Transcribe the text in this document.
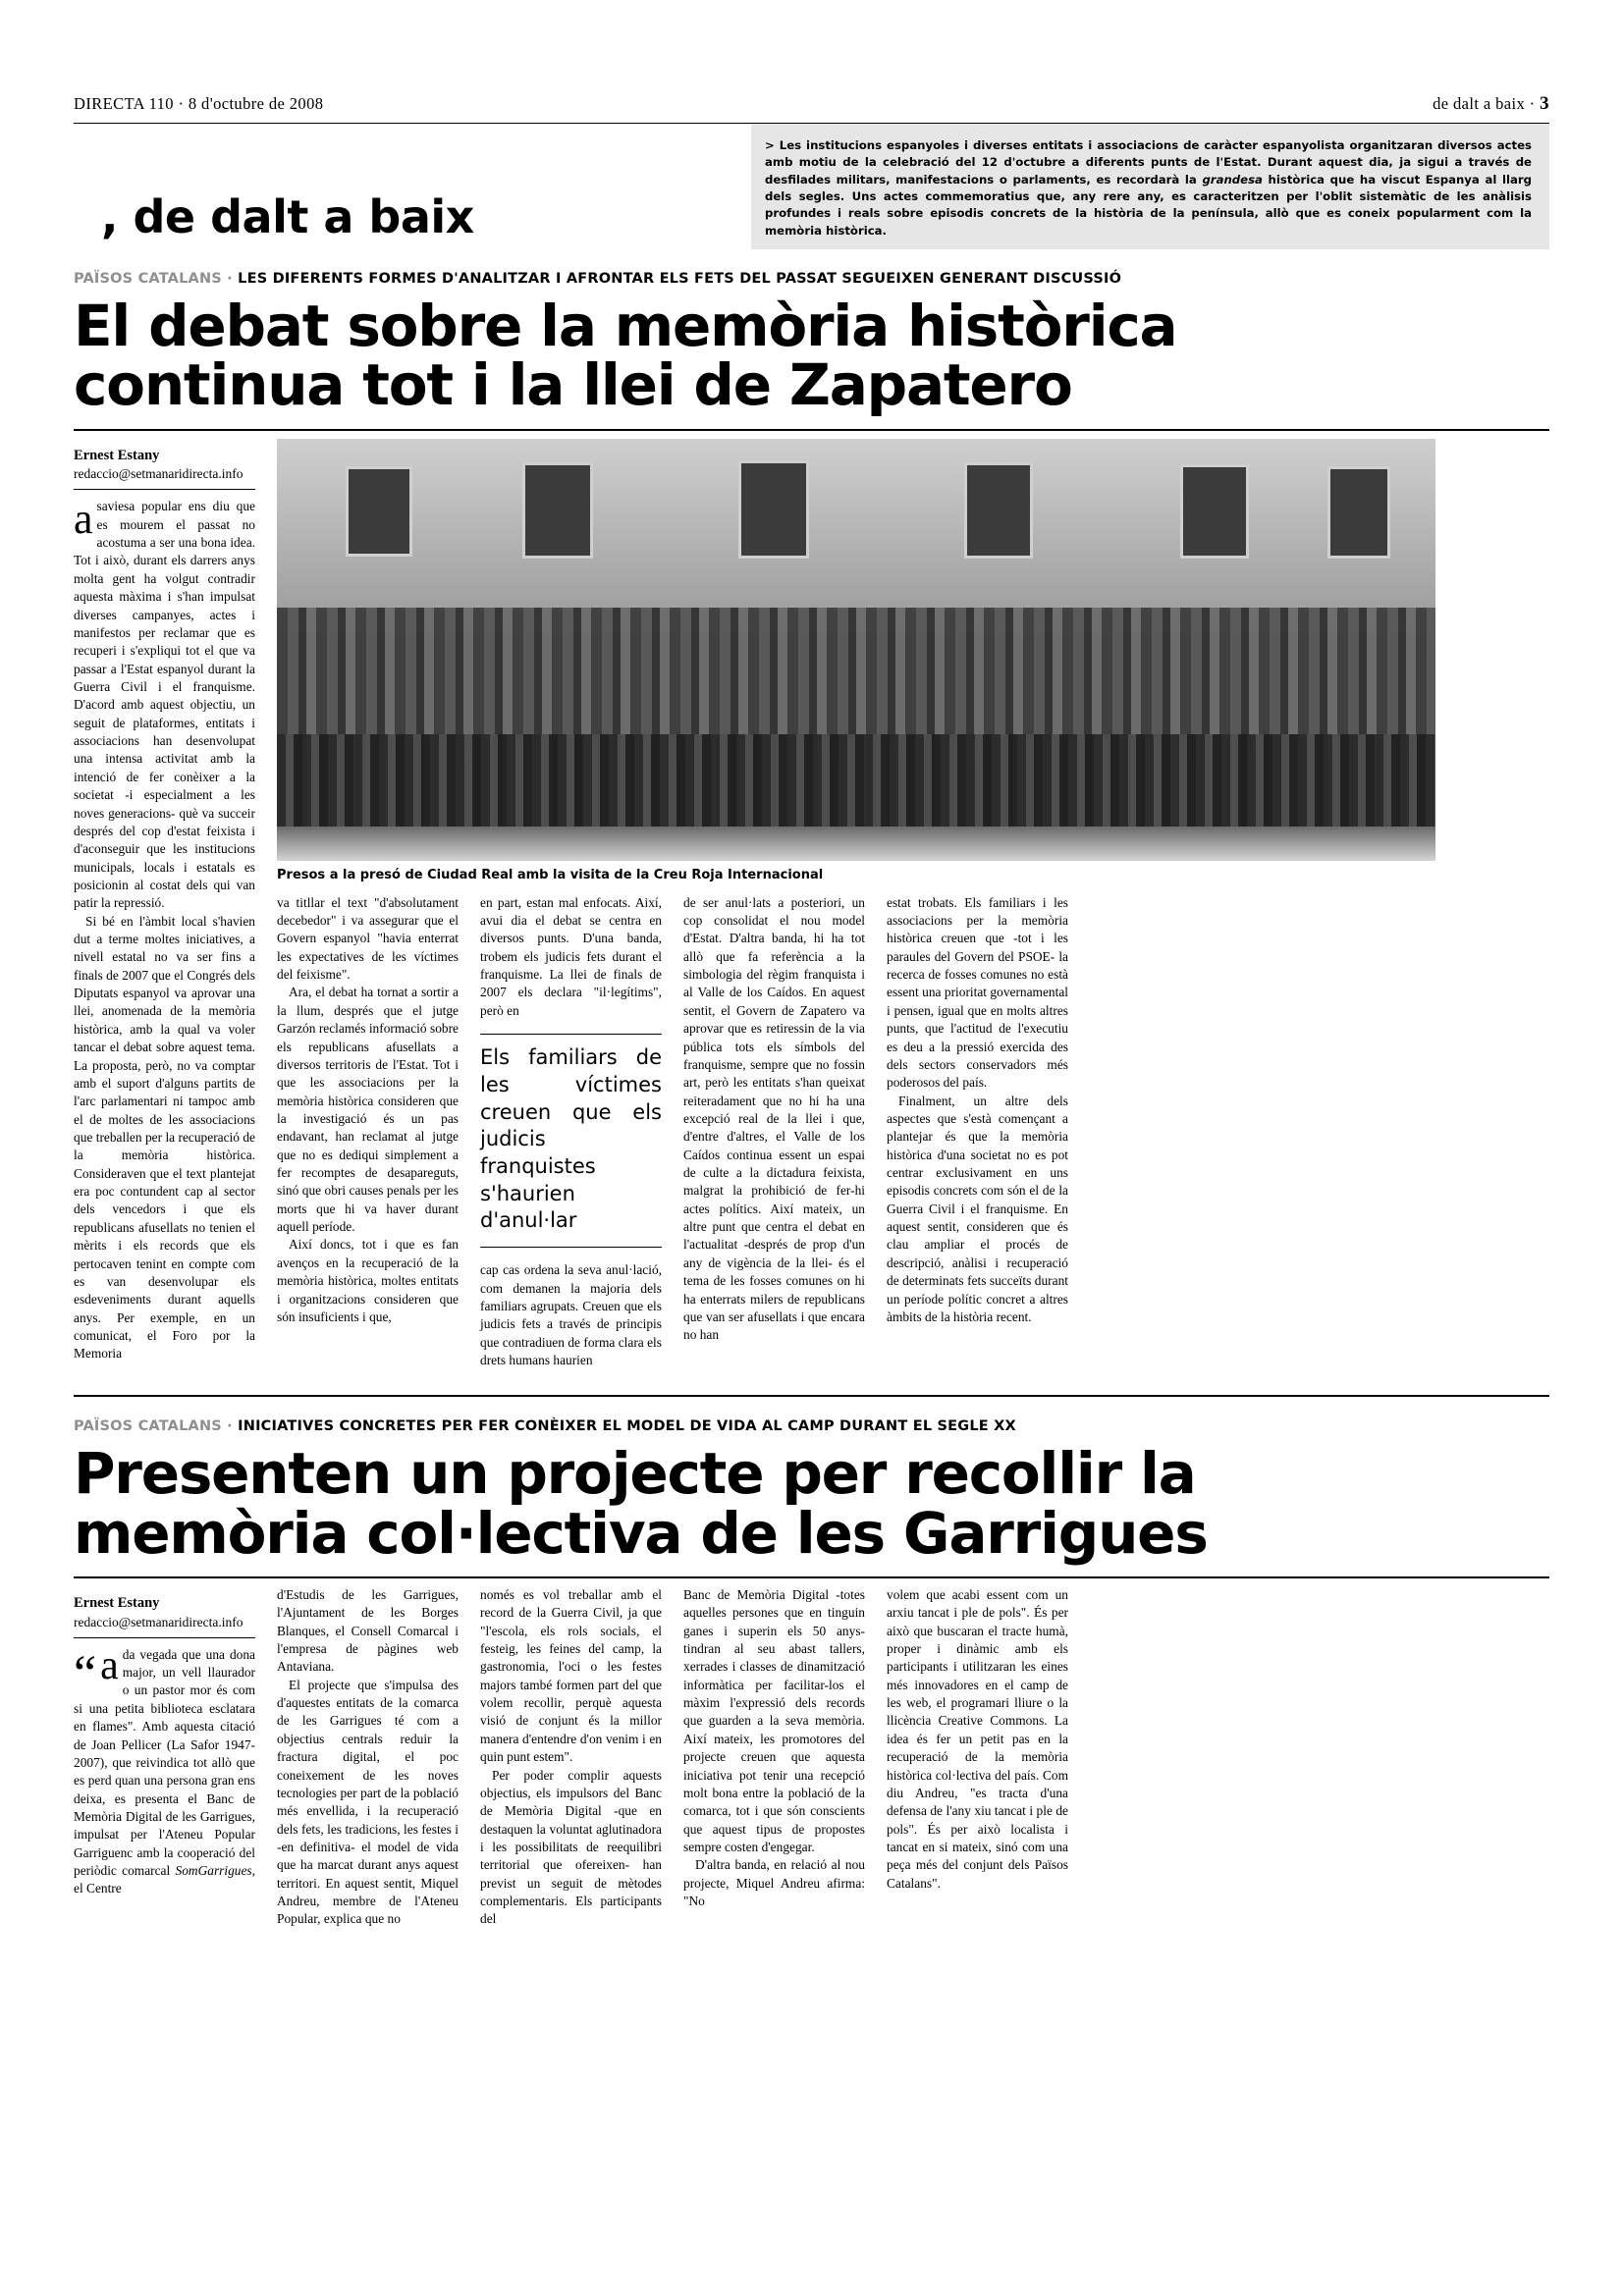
DIRECTA 110 · 8 d'octubre de 2008	de dalt a baix · 3
, de dalt a baix

> Les institucions espanyoles i diverses entitats i associacions de caràcter espanyolista organitzaran diversos actes amb motiu de la celebració del 12 d'octubre a diferents punts de l'Estat. Durant aquest dia, ja sigui a través de desfilades militars, manifestacions o parlaments, es recordarà la grandesa històrica que ha viscut Espanya al llarg dels segles. Uns actes commemoratius que, any rere any, es caracteritzen per l'oblit sistemàtic de les anàlisis profundes i reals sobre episodis concrets de la història de la península, allò que es coneix popularment com la memòria històrica.

PAÏSOS CATALANS · LES DIFERENTS FORMES D'ANALITZAR I AFRONTAR ELS FETS DEL PASSAT SEGUEIXEN GENERANT DISCUSSIÓ
El debat sobre la memòria històrica
continua tot i la llei de Zapatero
Ernest Estany
redaccio@setmanaridirecta.info

asaviesa popular ens diu que es mourem el passat no acostuma a ser una bona idea. Tot i això, durant els darrers anys molta gent ha volgut contradir aquesta màxima i s'han impulsat diverses campanyes, actes i manifestos per reclamar que es recuperi i s'expliqui tot el que va passar a l'Estat espanyol durant la Guerra Civil i el franquisme. D'acord amb aquest objectiu, un seguit de plataformes, entitats i associacions han desenvolupat una intensa activitat amb la intenció de fer conèixer a la societat -i especialment a les noves generacions- què va succeir després del cop d'estat feixista i d'aconseguir que les institucions municipals, locals i estatals es posicionin al costat dels qui van patir la repressió.

Si bé en l'àmbit local s'havien dut a terme moltes iniciatives, a nivell estatal no va ser fins a finals de 2007 que el Congrés dels Diputats espanyol va aprovar una llei, anomenada de la memòria històrica, amb la qual va voler tancar el debat sobre aquest tema. La proposta, però, no va comptar amb el suport d'alguns partits de l'arc parlamentari ni tampoc amb el de moltes de les associacions que treballen per la recuperació de la memòria històrica. Consideraven que el text plantejat era poc contundent cap al sector dels vencedors i que els republicans afusellats no tenien el mèrits i els records que els pertocaven tenint en compte com es van desenvolupar els esdeveniments durant aquells anys. Per exemple, en un comunicat, el Foro por la Memoria

Presos a la presó de Ciudad Real amb la visita de la Creu Roja Internacional

va titllar el text "d'absolutament decebedor" i va assegurar que el Govern espanyol "havia enterrat les expectatives de les víctimes del feixisme".

Ara, el debat ha tornat a sortir a la llum, després que el jutge Garzón reclamés informació sobre els republicans afusellats a diversos territoris de l'Estat. Tot i que les associacions per la memòria històrica consideren que la investigació és un pas endavant, han reclamat al jutge que no es dediqui simplement a fer recomptes de desapareguts, sinó que obri causes penals per les morts que hi va haver durant aquell període.

Així doncs, tot i que es fan avenços en la recuperació de la memòria històrica, moltes entitats i organitzacions consideren que són insuficients i que,

en part, estan mal enfocats. Així, avui dia el debat se centra en diversos punts. D'una banda, trobem els judicis fets durant el franquisme. La llei de finals de 2007 els declara "il·legítims", però en

Els familiars de les víctimes creuen que els judicis franquistes s'haurien d'anul·lar

cap cas ordena la seva anul·lació, com demanen la majoria dels familiars agrupats. Creuen que els judicis fets a través de principis que contradiuen de forma clara els drets humans haurien

de ser anul·lats a posteriori, un cop consolidat el nou model d'Estat. D'altra banda, hi ha tot allò que fa referència a la simbologia del règim franquista i al Valle de los Caídos. En aquest sentit, el Govern de Zapatero va aprovar que es retiressin de la via pública tots els símbols del franquisme, sempre que no fossin art, però les entitats s'han queixat reiteradament que no hi ha una excepció real de la llei i que, d'entre d'altres, el Valle de los Caídos continua essent un espai de culte a la dictadura feixista, malgrat la prohibició de fer-hi actes polítics. Així mateix, un altre punt que centra el debat en l'actualitat -després de prop d'un any de vigència de la llei- és el tema de les fosses comunes on hi ha enterrats milers de republicans que van ser afusellats i que encara no han

estat trobats. Els familiars i les associacions per la memòria històrica creuen que -tot i les paraules del Govern del PSOE- la recerca de fosses comunes no està essent una prioritat governamental i pensen, igual que en molts altres punts, que l'actitud de l'executiu es deu a la pressió exercida des dels sectors conservadors més poderosos del país.

Finalment, un altre dels aspectes que s'està començant a plantejar és que la memòria històrica d'una societat no es pot centrar exclusivament en uns episodis concrets com són el de la Guerra Civil i el franquisme. En aquest sentit, consideren que és clau ampliar el procés de descripció, anàlisi i recuperació de determinats fets succeïts durant un període polític concret a altres àmbits de la història recent.

PAÏSOS CATALANS · INICIATIVES CONCRETES PER FER CONÈIXER EL MODEL DE VIDA AL CAMP DURANT EL SEGLE XX
Presenten un projecte per recollir la
memòria col·lectiva de les Garrigues
Ernest Estany
redaccio@setmanaridirecta.info

“ ada vegada que una dona major, un vell llaurador o un pastor mor és com si una petita biblioteca esclatara en flames". Amb aquesta citació de Joan Pellicer (La Safor 1947-2007), que reivindica tot allò que es perd quan una persona gran ens deixa, es presenta el Banc de Memòria Digital de les Garrigues, impulsat per l'Ateneu Popular Garriguenc amb la cooperació del periòdic comarcal SomGarrigues, el Centre

d'Estudis de les Garrigues, l'Ajuntament de les Borges Blanques, el Consell Comarcal i l'empresa de pàgines web Antaviana.

El projecte que s'impulsa des d'aquestes entitats de la comarca de les Garrigues té com a objectius centrals reduir la fractura digital, el poc coneixement de les noves tecnologies per part de la població més envellida, i la recuperació dels fets, les tradicions, les festes i -en definitiva- el model de vida que ha marcat durant anys aquest territori. En aquest sentit, Miquel Andreu, membre de l'Ateneu Popular, explica que no

només es vol treballar amb el record de la Guerra Civil, ja que "l'escola, els rols socials, el festeig, les feines del camp, la gastronomia, l'oci o les festes majors també formen part del que volem recollir, perquè aquesta visió de conjunt és la millor manera d'entendre d'on venim i en quin punt estem".

Per poder complir aquests objectius, els impulsors del Banc de Memòria Digital -que en destaquen la voluntat aglutinadora i les possibilitats de reequilibri territorial que ofereixen- han previst un seguit de mètodes complementaris. Els participants del

Banc de Memòria Digital -totes aquelles persones que en tinguin ganes i superin els 50 anys- tindran al seu abast tallers, xerrades i classes de dinamització informàtica per facilitar-los el màxim l'expressió dels records que guarden a la seva memòria. Així mateix, les promotores del projecte creuen que aquesta iniciativa pot tenir una recepció molt bona entre la població de la comarca, tot i que són conscients que aquest tipus de propostes sempre costen d'engegar.

D'altra banda, en relació al nou projecte, Miquel Andreu afirma: "No

volem que acabi essent com un arxiu tancat i ple de pols". És per això que buscaran el tracte humà, proper i dinàmic amb els participants i utilitzaran les eines més innovadores en el camp de les web, el programari lliure o la llicència Creative Commons. La idea és fer un petit pas en la recuperació de la memòria històrica col·lectiva del país. Com diu Andreu, "es tracta d'una defensa de l'any xiu tancat i ple de pols". És per això localista i tancat en si mateix, sinó com una peça més del conjunt dels Països Catalans".
